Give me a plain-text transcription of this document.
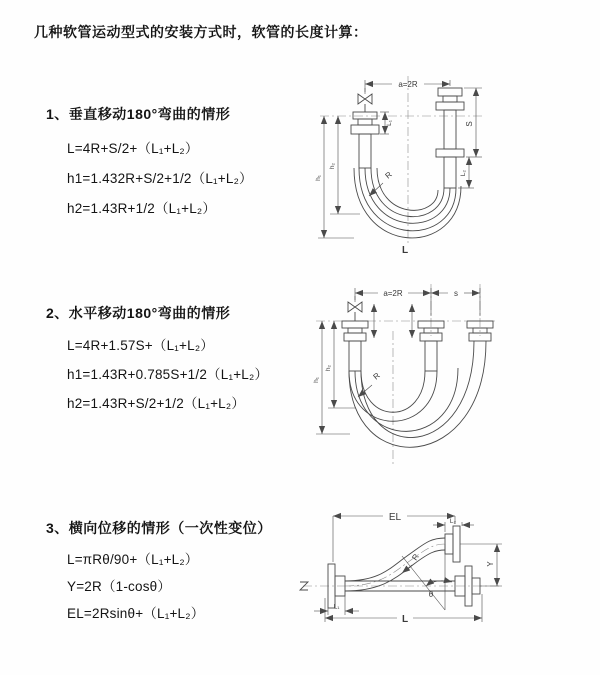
几种软管运动型式的安装方式时，软管的长度计算：
1、垂直移动180°弯曲的情形
L=4R+S/2+（L₁+L₂）
h1=1.432R+S/2+1/2（L₁+L₂）
h2=1.43R+1/2（L₁+L₂）
a=2R
L₁	S
L₂
h₁
h₂
R
L
2、水平移动180°弯曲的情形
L=4R+1.57S+（L₁+L₂）
h1=1.43R+0.785S+1/2（L₁+L₂）
h2=1.43R+S/2+1/2（L₁+L₂）
a=2R	s
h₁
h₂
R
3、横向位移的情形（一次性变位）
L=πRθ/90+（L₁+L₂）
Y=2R（1-cosθ）
EL=2Rsinθ+（L₁+L₂）
EL	L₂
L₁
θ
R
Y
L
